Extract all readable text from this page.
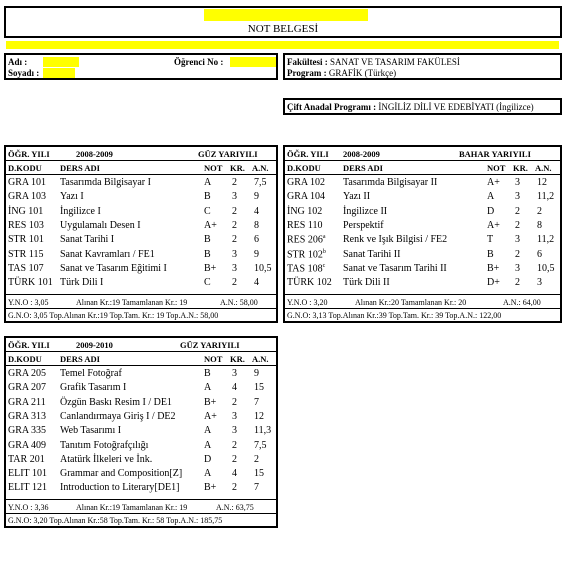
NOT BELGESİ
Adı :
Soyadı :
Öğrenci No :	Fakültesi : SANAT VE TASARIM FAKÜLESİ
Program : GRAFİK (Türkçe)
Çift Anadal Programı : İNGİLİZ DİLİ VE EDEBİYATI (İngilizce)
ÖĞR. YILI	2008-2009	GÜZ YARIYILI
D.KODU DERS ADI	NOT KR. A.N.
GRA 101 Tasarımda Bilgisayar I	A 2 7,5
GRA 103 Yazı I	B 3 9
İNG 101 İngilizce I	C 2 4
RES 103 Uygulamalı Desen I	A+ 2 8
STR 101 Sanat Tarihi I	B 2 6
STR 115 Sanat Kavramları / FE1	B 3 9
TAS 107 Sanat ve Tasarım Eğitimi I	B+ 3 10,5
TÜRK 101 Türk Dili I	C 2 4
Y.N.O : 3,05	Alınan Kr.:19 Tamamlanan Kr.: 19	A.N.: 58,00
G.N.O: 3,05 Top.Alınan Kr.:19 Top.Tam. Kr.: 19 Top.A.N.: 58,00
ÖĞR. YILI 2008-2009	BAHAR YARIYILI
D.KODU	DERS ADI	NOT KR. A.N.
GRA 102 Tasarımda Bilgisayar II	A+ 3 12
GRA 104 Yazı II	A 3 11,2
İNG 102 İngilizce II	D 2 2
RES 110 Perspektif	A+ 2 8
RES 206$^a$ Renk ve Işık Bilgisi / FE2	T 3 11,2
STR 102$^b$ Sanat Tarihi II	B 2 6
TAS 108$^c$ Sanat ve Tasarım Tarihi II	B+ 3 10,5
TÜRK 102 Türk Dili II	D+ 2 3
Y.N.O : 3,20	Alınan Kr.:20 Tamamlanan Kr.: 20	A.N.: 64,00
G.N.O: 3,13 Top.Alınan Kr.:39 Top.Tam. Kr.: 39 Top.A.N.: 122,00
ÖĞR. YILI	2009-2010	GÜZ YARIYILI
D.KODU DERS ADI	NOT KR. A.N.
GRA 205 Temel Fotoğraf	B 3 9
GRA 207 Grafik Tasarım I	A 4 15
GRA 211 Özgün Baskı Resim I / DE1	B+ 2 7
GRA 313 Canlandırmaya Giriş I / DE2	A+ 3 12
GRA 335 Web Tasarımı I	A 3 11,3
GRA 409 Tanıtım Fotoğrafçılığı	A 2 7,5
TAR 201 Atatürk İlkeleri ve İnk.	D 2 2
ELIT 101 Grammar and Composition[Z] A 4 15
ELIT 121 Introduction to Literary[DE1] B+ 2 7
Y.N.O : 3,36	Alınan Kr.:19 Tamamlanan Kr.: 19	A.N.: 63,75
G.N.O: 3,20 Top.Alınan Kr.:58 Top.Tam. Kr.: 58 Top.A.N.: 185,75
